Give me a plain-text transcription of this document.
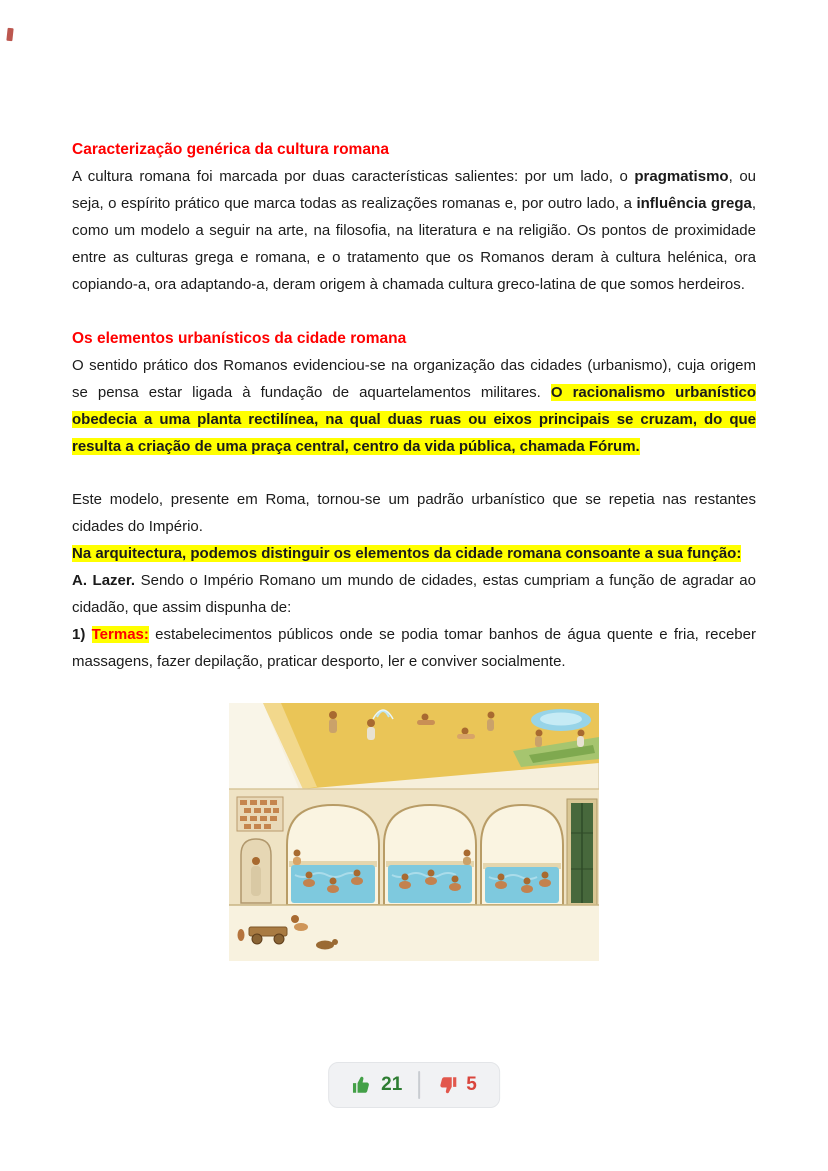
Caracterização genérica da cultura romana

A cultura romana foi marcada por duas características salientes: por um lado, o pragmatismo, ou seja, o espírito prático que marca todas as realizações romanas e, por outro lado, a influência grega, como um modelo a seguir na arte, na filosofia, na literatura e na religião. Os pontos de proximidade entre as culturas grega e romana, e o tratamento que os Romanos deram à cultura helénica, ora copiando-a, ora adaptando-a, deram origem à chamada cultura greco-latina de que somos herdeiros.

Os elementos urbanísticos da cidade romana

O sentido prático dos Romanos evidenciou-se na organização das cidades (urbanismo), cuja origem se pensa estar ligada à fundação de aquartelamentos militares. O racionalismo urbanístico obedecia a uma planta rectilínea, na qual duas ruas ou eixos principais se cruzam, do que resulta a criação de uma praça central, centro da vida pública, chamada Fórum.

Este modelo, presente em Roma, tornou-se um padrão urbanístico que se repetia nas restantes cidades do Império.

Na arquitectura, podemos distinguir os elementos da cidade romana consoante a sua função:

A. Lazer. Sendo o Império Romano um mundo de cidades, estas cumpriam a função de agradar ao cidadão, que assim dispunha de:

1) Termas: estabelecimentos públicos onde se podia tomar banhos de água quente e fria, receber massagens, fazer depilação, praticar desporto, ler e conviver socialmente.

21	5
